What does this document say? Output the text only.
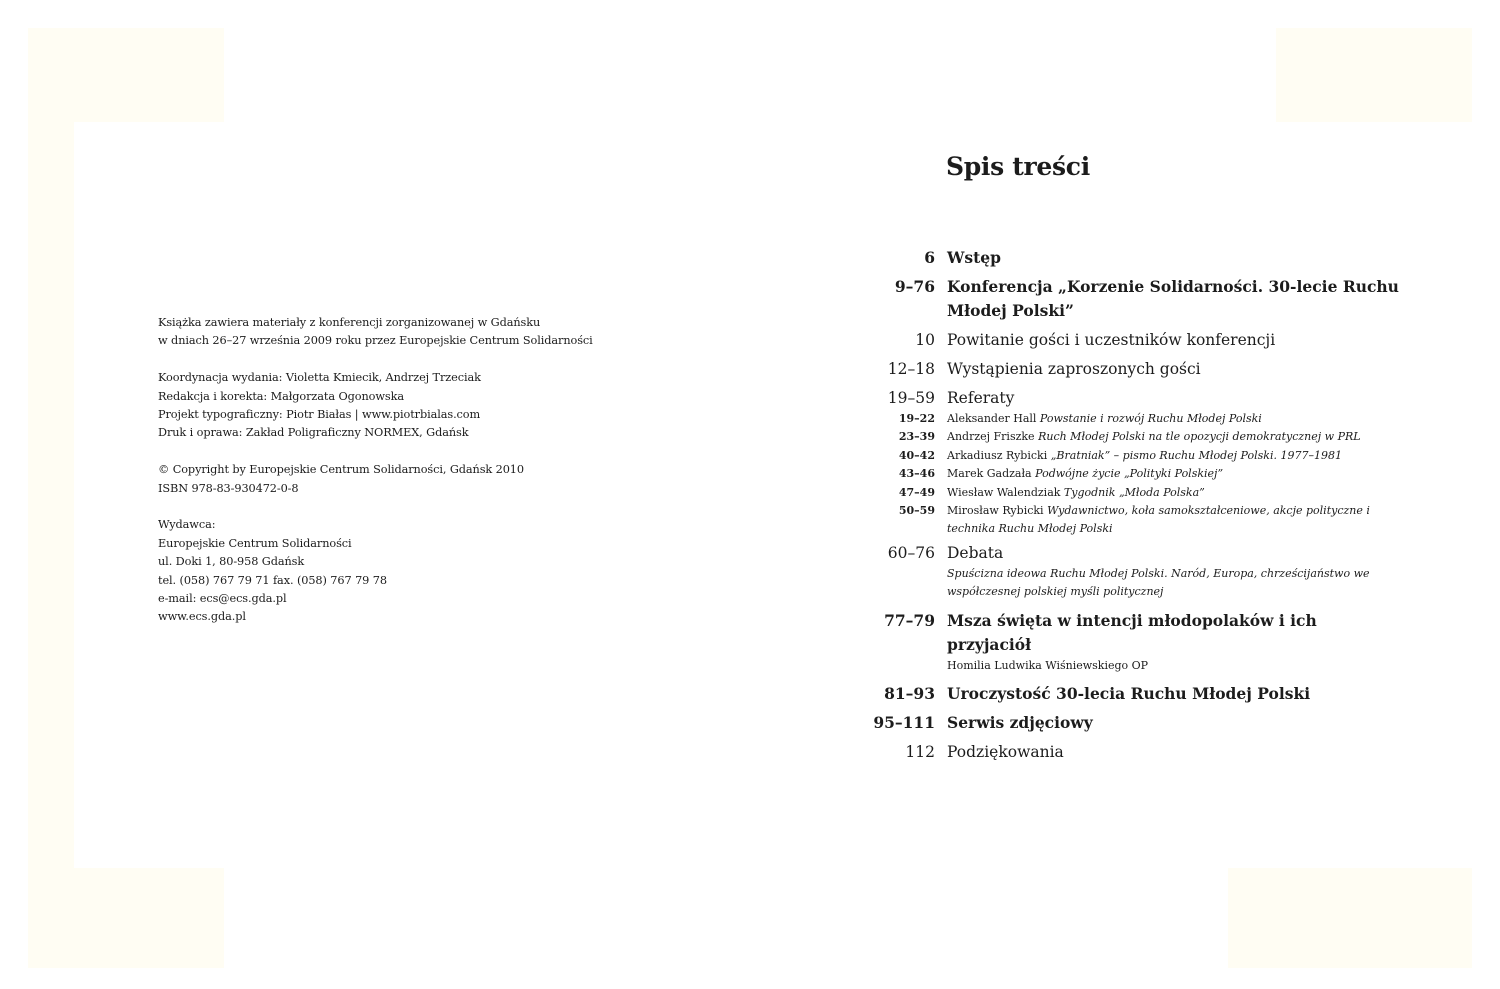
Książka zawiera materiały z konferencji zorganizowanej w Gdańsku
w dniach 26–27 września 2009 roku przez Europejskie Centrum Solidarności
Koordynacja wydania: Violetta Kmiecik, Andrzej Trzeciak
Redakcja i korekta: Małgorzata Ogonowska
Projekt typograficzny: Piotr Białas | www.piotrbialas.com
Druk i oprawa: Zakład Poligraficzny NORMEX, Gdańsk
© Copyright by Europejskie Centrum Solidarności, Gdańsk 2010
ISBN 978-83-930472-0-8
Wydawca:
Europejskie Centrum Solidarności
ul. Doki 1, 80-958 Gdańsk
tel. (058) 767 79 71 fax. (058) 767 79 78
e-mail: ecs@ecs.gda.pl
www.ecs.gda.pl
Spis treści
6 Wstęp
9–76 Konferencja „Korzenie Solidarności. 30-lecie Ruchu Młodej Polski”
10 Powitanie gości i uczestników konferencji
12–18 Wystąpienia zaproszonych gości
19–59 Referaty
19–22 Aleksander Hall Powstanie i rozwój Ruchu Młodej Polski
23–39 Andrzej Friszke Ruch Młodej Polski na tle opozycji demokratycznej w PRL
40–42 Arkadiusz Rybicki „Bratniak” – pismo Ruchu Młodej Polski. 1977–1981
43–46 Marek Gadzała Podwójne życie „Polityki Polskiej”
47–49 Wiesław Walendziak Tygodnik „Młoda Polska”
50–59 Mirosław Rybicki Wydawnictwo, koła samokształceniowe, akcje polityczne i technika Ruchu Młodej Polski
60–76 Debata
Spuścizna ideowa Ruchu Młodej Polski. Naród, Europa, chrześcijaństwo we współczesnej polskiej myśli politycznej
77–79 Msza święta w intencji młodopolaków i ich przyjaciół
Homilia Ludwika Wiśniewskiego OP
81–93 Uroczystość 30-lecia Ruchu Młodej Polski
95–111 Serwis zdjęciowy
112 Podziękowania
